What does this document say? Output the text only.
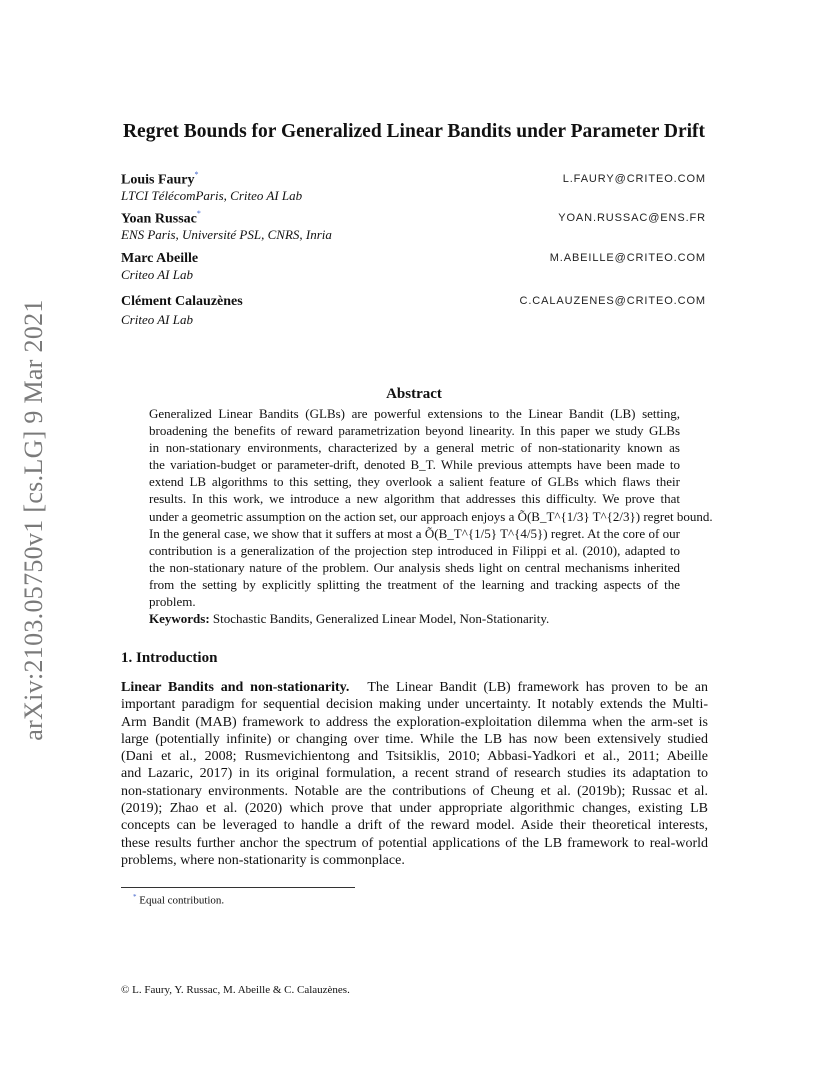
arXiv:2103.05750v1 [cs.LG] 9 Mar 2021
Regret Bounds for Generalized Linear Bandits under Parameter Drift
Louis Faury*
LTCI TélécomParis, Criteo AI Lab
L.FAURY@CRITEO.COM
Yoan Russac*
ENS Paris, Université PSL, CNRS, Inria
YOAN.RUSSAC@ENS.FR
Marc Abeille
Criteo AI Lab
M.ABEILLE@CRITEO.COM
Clément Calauzènes
Criteo AI Lab
C.CALAUZENES@CRITEO.COM
Abstract
Generalized Linear Bandits (GLBs) are powerful extensions to the Linear Bandit (LB) setting,
broadening the benefits of reward parametrization beyond linearity. In this paper we study GLBs
in non-stationary environments, characterized by a general metric of non-stationarity known as
the variation-budget or parameter-drift, denoted B_T. While previous attempts have been made to
extend LB algorithms to this setting, they overlook a salient feature of GLBs which flaws their
results. In this work, we introduce a new algorithm that addresses this difficulty. We prove that
under a geometric assumption on the action set, our approach enjoys a Õ(B_T^{1/3} T^{2/3}) regret bound.
In the general case, we show that it suffers at most a Õ(B_T^{1/5} T^{4/5}) regret. At the core of our
contribution is a generalization of the projection step introduced in Filippi et al. (2010), adapted to
the non-stationary nature of the problem. Our analysis sheds light on central mechanisms inherited
from the setting by explicitly splitting the treatment of the learning and tracking aspects of the
problem.
Keywords: Stochastic Bandits, Generalized Linear Model, Non-Stationarity.
1. Introduction
Linear Bandits and non-stationarity. The Linear Bandit (LB) framework has proven to be an
important paradigm for sequential decision making under uncertainty. It notably extends the Multi-
Arm Bandit (MAB) framework to address the exploration-exploitation dilemma when the arm-set is
large (potentially infinite) or changing over time. While the LB has now been extensively studied
(Dani et al., 2008; Rusmevichientong and Tsitsiklis, 2010; Abbasi-Yadkori et al., 2011; Abeille
and Lazaric, 2017) in its original formulation, a recent strand of research studies its adaptation to
non-stationary environments. Notable are the contributions of Cheung et al. (2019b); Russac et al.
(2019); Zhao et al. (2020) which prove that under appropriate algorithmic changes, existing LB
concepts can be leveraged to handle a drift of the reward model. Aside their theoretical interests,
these results further anchor the spectrum of potential applications of the LB framework to real-world
problems, where non-stationarity is commonplace.
* Equal contribution.
© L. Faury, Y. Russac, M. Abeille & C. Calauzènes.
